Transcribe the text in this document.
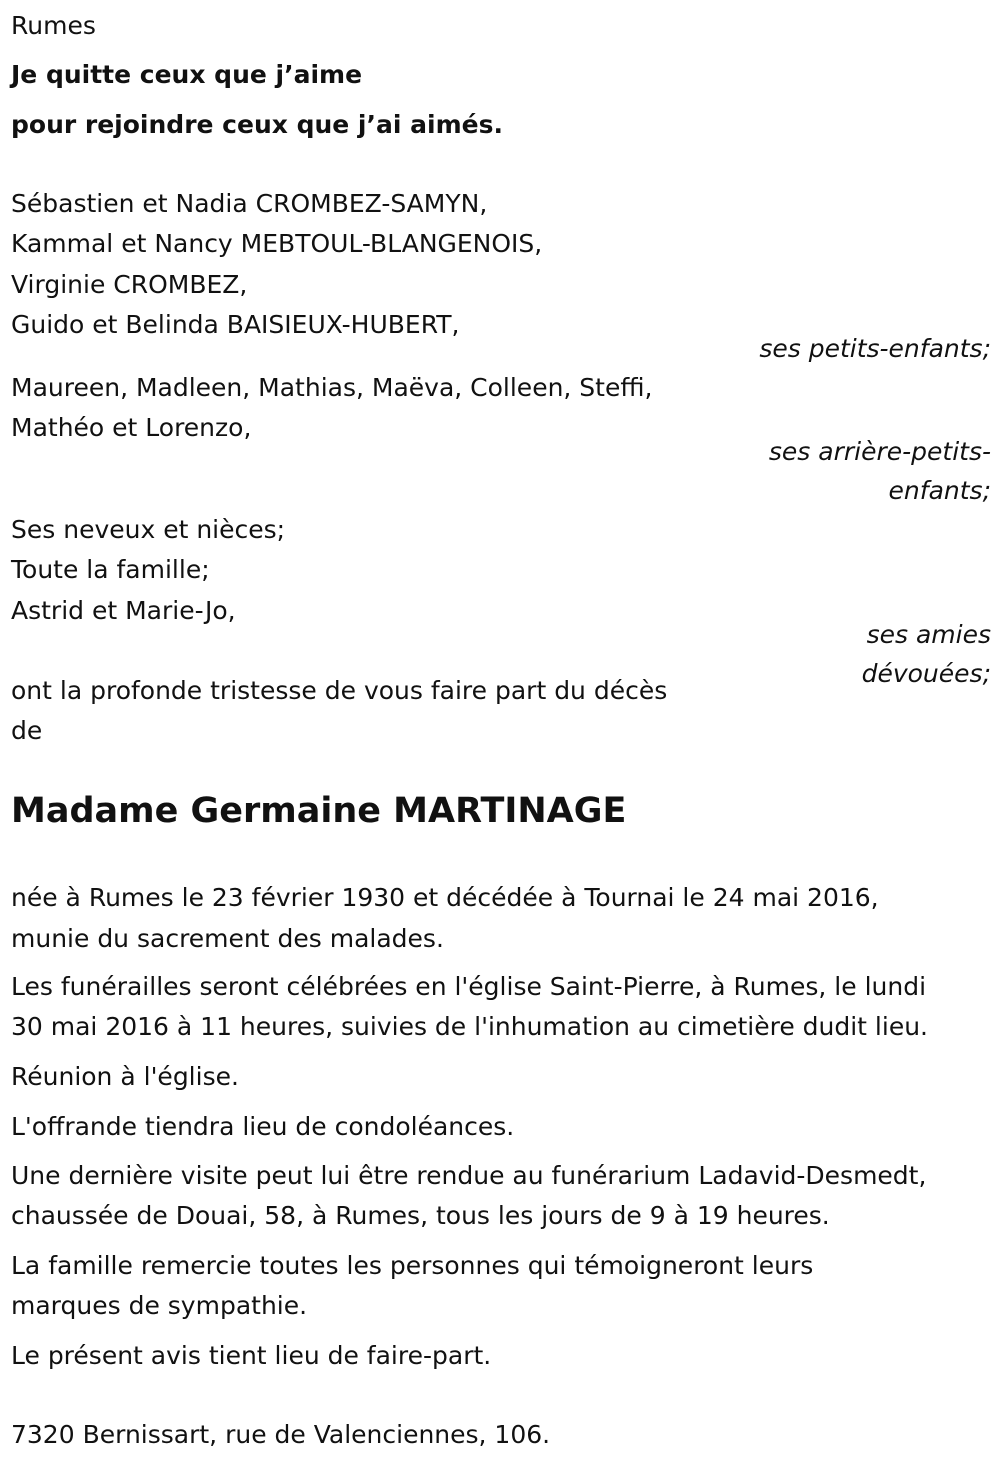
Rumes
Je quitte ceux que j’aime
pour rejoindre ceux que j’ai aimés.
Sébastien et Nadia CROMBEZ-SAMYN,
Kammal et Nancy MEBTOUL-BLANGENOIS,
Virginie CROMBEZ,
Guido et Belinda BAISIEUX-HUBERT,
ses petits-enfants;
Maureen, Madleen, Mathias, Maëva, Colleen, Steffi,
Mathéo et Lorenzo,
ses arrière-petits-
enfants;
Ses neveux et nièces;
Toute la famille;
Astrid et Marie-Jo,
ses amies
dévouées;
ont la profonde tristesse de vous faire part du décès
de
Madame Germaine MARTINAGE
née à Rumes le 23 février 1930 et décédée à Tournai le 24 mai 2016,
munie du sacrement des malades.
Les funérailles seront célébrées en l'église Saint-Pierre, à Rumes, le lundi
30 mai 2016 à 11 heures, suivies de l'inhumation au cimetière dudit lieu.
Réunion à l'église.
L'offrande tiendra lieu de condoléances.
Une dernière visite peut lui être rendue au funérarium Ladavid-Desmedt,
chaussée de Douai, 58, à Rumes, tous les jours de 9 à 19 heures.
La famille remercie toutes les personnes qui témoigneront leurs
marques de sympathie.
Le présent avis tient lieu de faire-part.
7320 Bernissart, rue de Valenciennes, 106.
